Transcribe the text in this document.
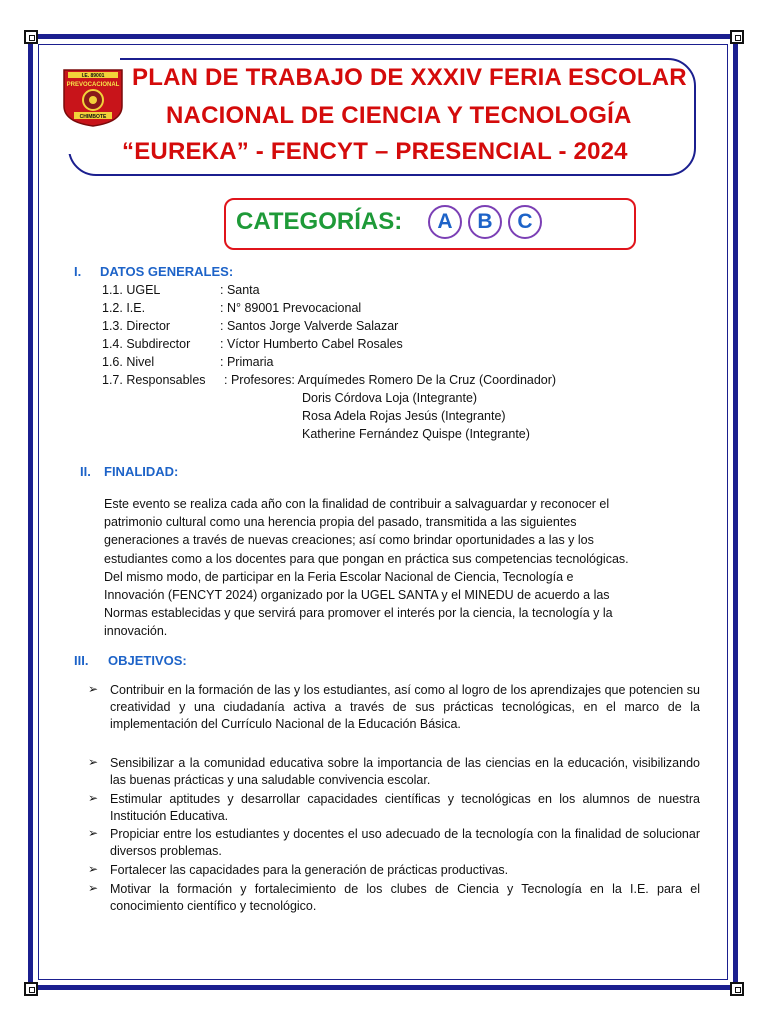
I.E. 89001
PREVOCACIONAL
CHIMBOTE
PLAN DE TRABAJO DE XXXIV FERIA ESCOLAR
NACIONAL DE CIENCIA Y TECNOLOGÍA
“EUREKA” - FENCYT – PRESENCIAL - 2024
CATEGORÍAS:	A	B	C
I. DATOS GENERALES:
1.1. UGEL	: Santa
1.2. I.E.	: N° 89001 Prevocacional
1.3. Director	: Santos Jorge Valverde Salazar
1.4. Subdirector : Víctor Humberto Cabel Rosales
1.6. Nivel	: Primaria
1.7. Responsables : Profesores: Arquímedes Romero De la Cruz (Coordinador)
Doris Córdova Loja (Integrante)
Rosa Adela Rojas Jesús (Integrante)
Katherine Fernández Quispe (Integrante)
II. FINALIDAD:
Este evento se realiza cada año con la finalidad de contribuir a salvaguardar y reconocer el
patrimonio cultural como una herencia propia del pasado, transmitida a las siguientes
generaciones a través de nuevas creaciones; así como brindar oportunidades a las y los
estudiantes como a los docentes para que pongan en práctica sus competencias tecnológicas.
Del mismo modo, de participar en la Feria Escolar Nacional de Ciencia, Tecnología e
Innovación (FENCYT 2024) organizado por la UGEL SANTA y el MINEDU de acuerdo a las
Normas establecidas y que servirá para promover el interés por la ciencia, la tecnología y la
innovación.
III. OBJETIVOS:
➢ Contribuir en la formación de las y los estudiantes, así como al logro de los aprendizajes que potencien su creatividad y una ciudadanía activa a través de sus prácticas tecnológicas, en el marco de la implementación del Currículo Nacional de la Educación Básica.
➢ Sensibilizar a la comunidad educativa sobre la importancia de las ciencias en la educación, visibilizando las buenas prácticas y una saludable convivencia escolar.
➢ Estimular aptitudes y desarrollar capacidades científicas y tecnológicas en los alumnos de nuestra Institución Educativa.
➢ Propiciar entre los estudiantes y docentes el uso adecuado de la tecnología con la finalidad de solucionar diversos problemas.
➢ Fortalecer las capacidades para la generación de prácticas productivas.
➢ Motivar la formación y fortalecimiento de los clubes de Ciencia y Tecnología en la I.E. para el conocimiento científico y tecnológico.
